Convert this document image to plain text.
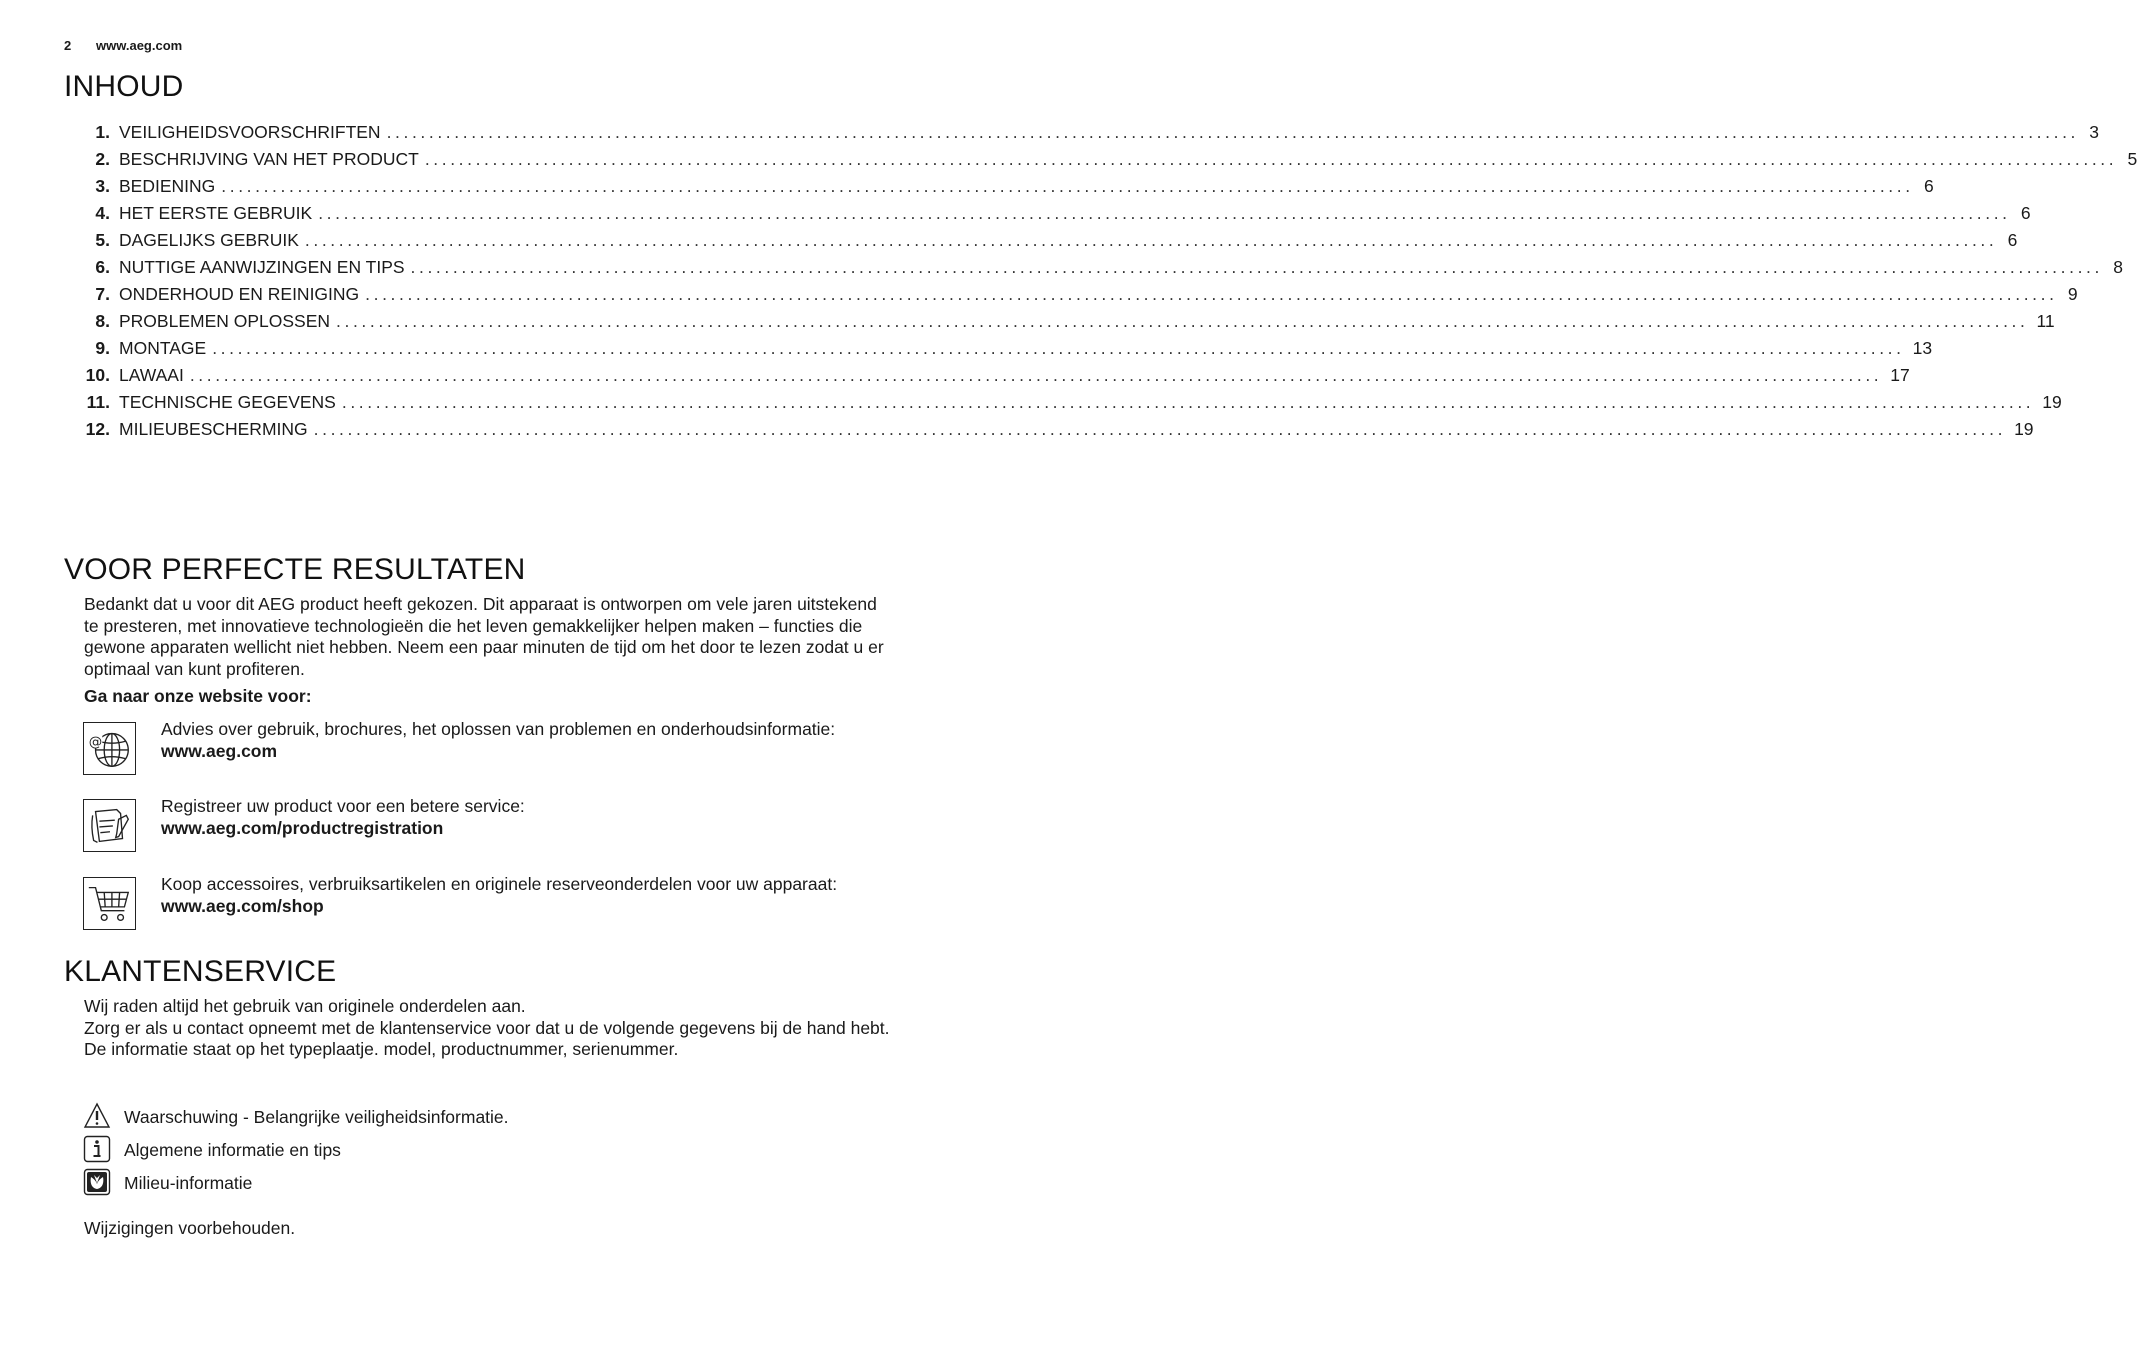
2 www.aeg.com
INHOUD
1. VEILIGHEIDSVOORSCHRIFTEN ........................................................................................................................................................................................................ 3
2. BESCHRIJVING VAN HET PRODUCT ........................................................................................................................................................................................................ 5
3. BEDIENING ........................................................................................................................................................................................................ 6
4. HET EERSTE GEBRUIK ........................................................................................................................................................................................................ 6
5. DAGELIJKS GEBRUIK ........................................................................................................................................................................................................ 6
6. NUTTIGE AANWIJZINGEN EN TIPS ........................................................................................................................................................................................................ 8
7. ONDERHOUD EN REINIGING ........................................................................................................................................................................................................ 9
8. PROBLEMEN OPLOSSEN ........................................................................................................................................................................................................ 11
9. MONTAGE ........................................................................................................................................................................................................ 13
10. LAWAAI ........................................................................................................................................................................................................ 17
11. TECHNISCHE GEGEVENS ........................................................................................................................................................................................................ 19
12. MILIEUBESCHERMING ........................................................................................................................................................................................................ 19
VOOR PERFECTE RESULTATEN
Bedankt dat u voor dit AEG product heeft gekozen. Dit apparaat is ontworpen om vele jaren uitstekend te presteren, met innovatieve technologieën die het leven gemakkelijker helpen maken – functies die gewone apparaten wellicht niet hebben. Neem een paar minuten de tijd om het door te lezen zodat u er optimaal van kunt profiteren.
Ga naar onze website voor:
@
Advies over gebruik, brochures, het oplossen van problemen en onderhoudsinformatie:
www.aeg.com
Registreer uw product voor een betere service:
www.aeg.com/productregistration
Koop accessoires, verbruiksartikelen en originele reserveonderdelen voor uw apparaat:
www.aeg.com/shop
KLANTENSERVICE
Wij raden altijd het gebruik van originele onderdelen aan.
Zorg er als u contact opneemt met de klantenservice voor dat u de volgende gegevens bij de hand hebt.
De informatie staat op het typeplaatje. model, productnummer, serienummer.
Waarschuwing - Belangrijke veiligheidsinformatie.
Algemene informatie en tips
Milieu-informatie
Wijzigingen voorbehouden.
